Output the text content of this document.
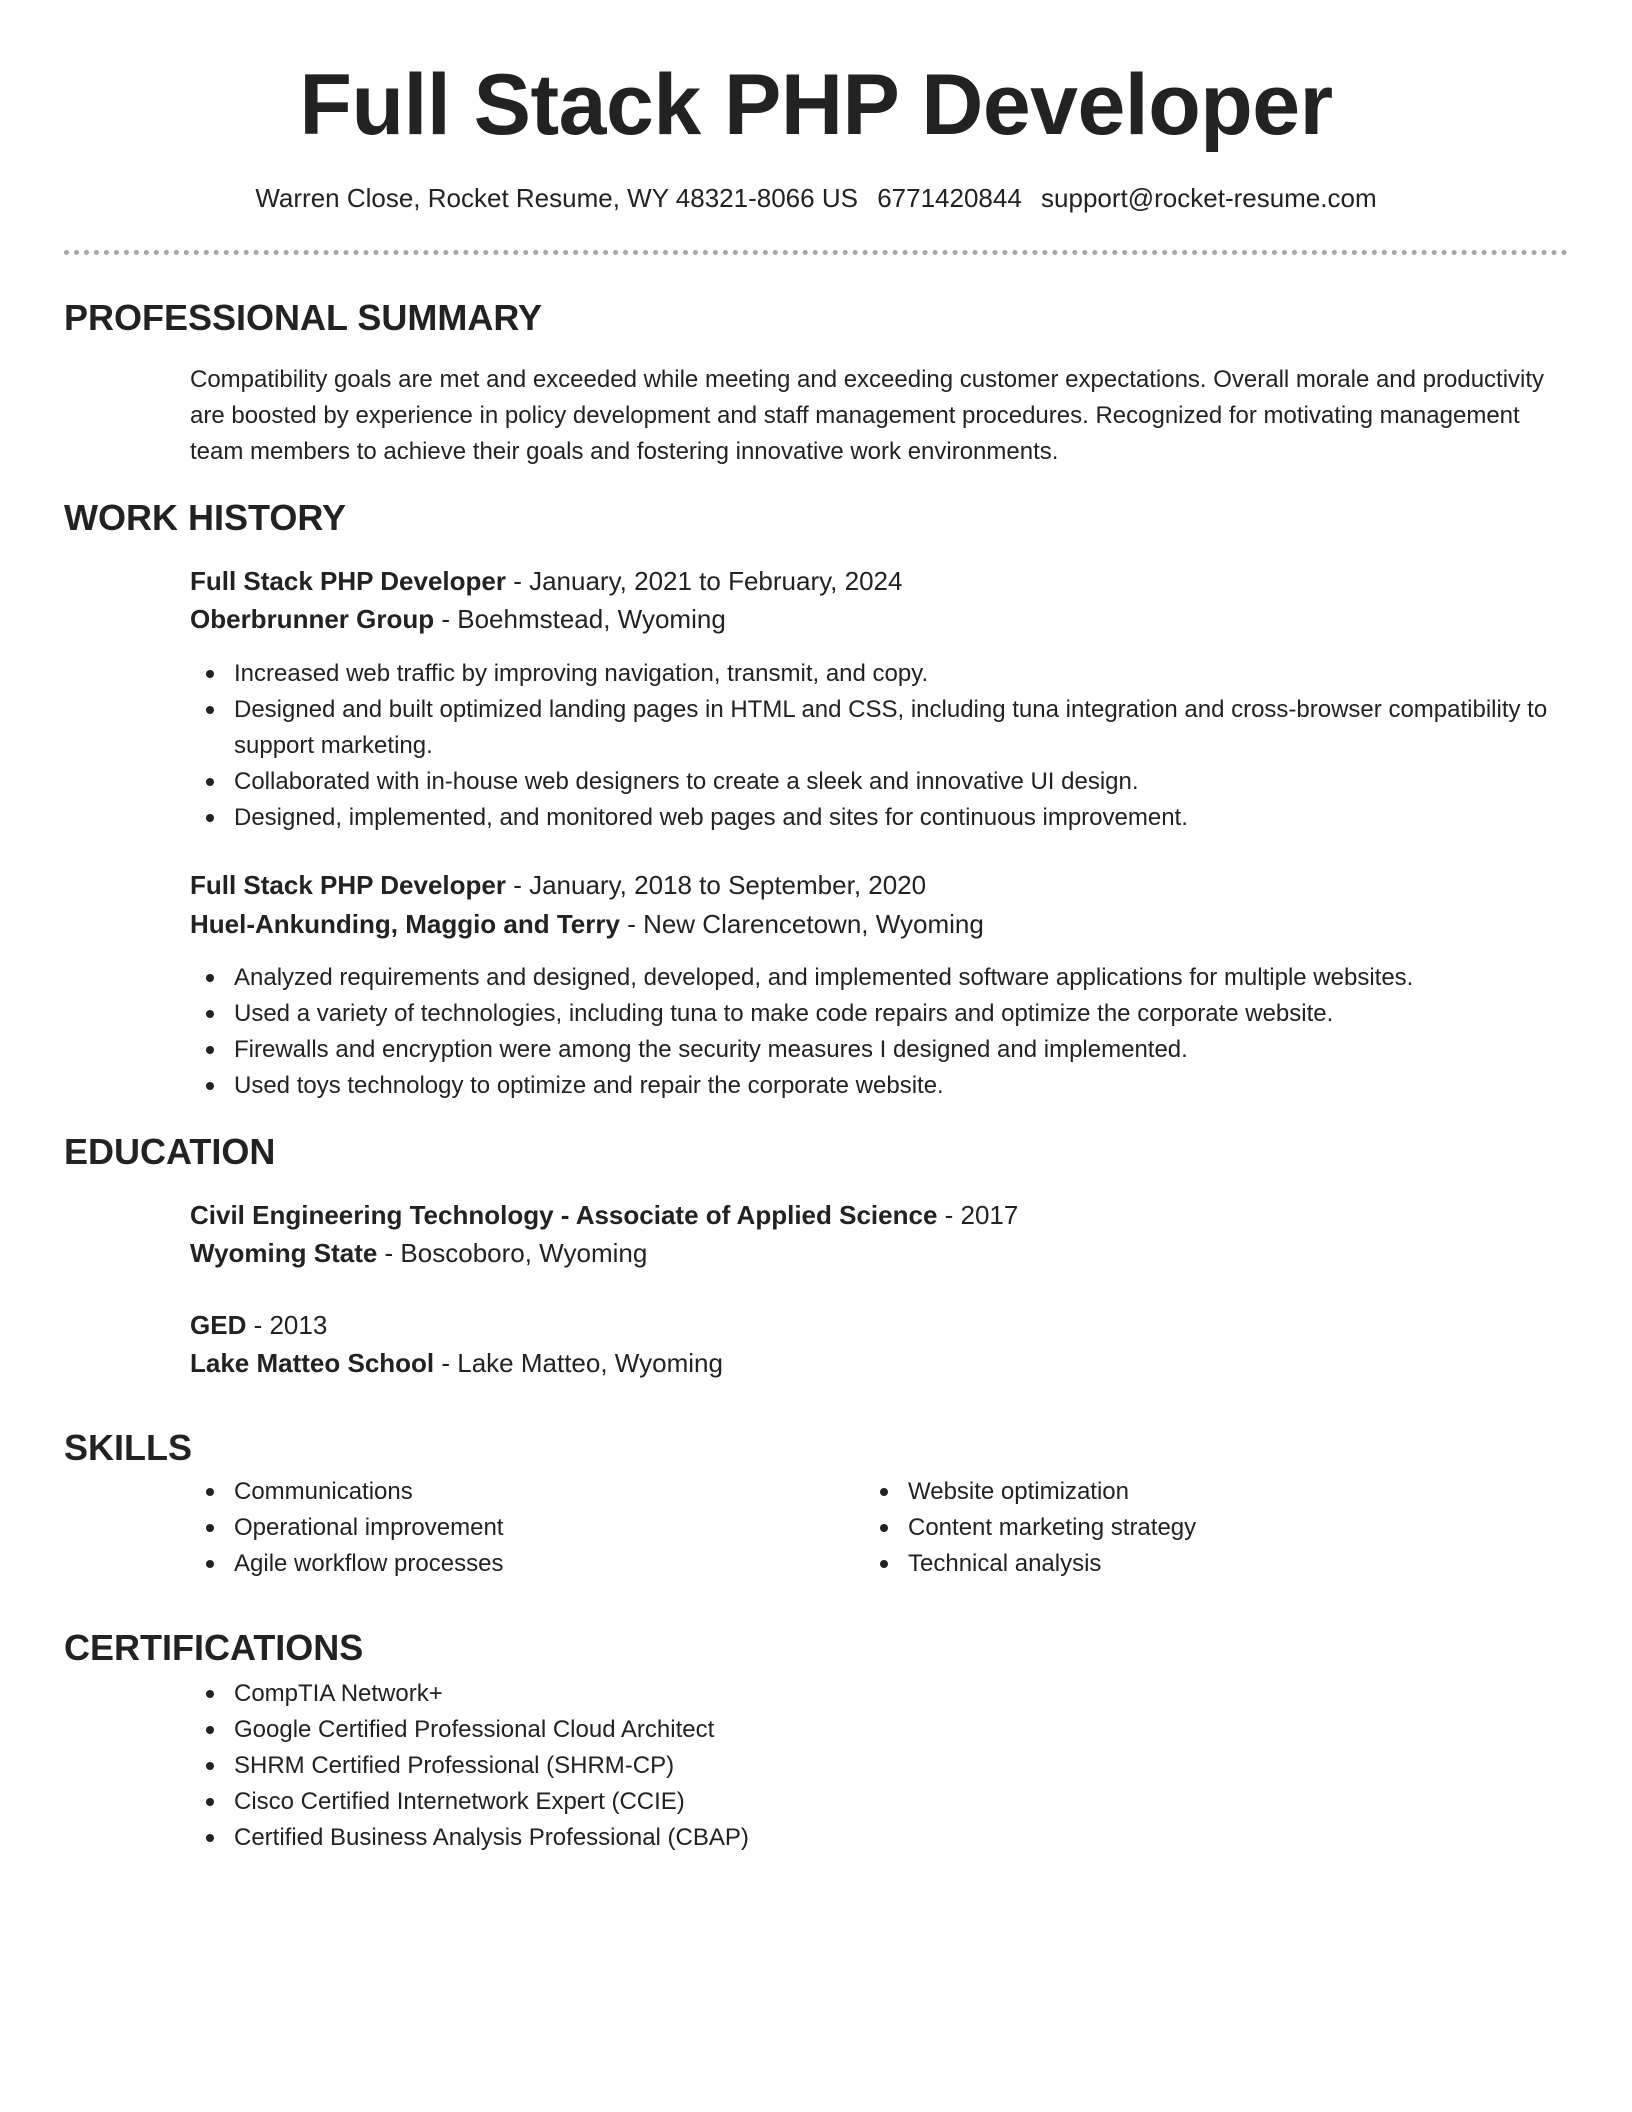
Full Stack PHP Developer
Warren Close, Rocket Resume, WY 48321-8066 US 6771420844 support@rocket-resume.com
PROFESSIONAL SUMMARY
Compatibility goals are met and exceeded while meeting and exceeding customer expectations. Overall morale and productivity are boosted by experience in policy development and staff management procedures. Recognized for motivating management team members to achieve their goals and fostering innovative work environments.
WORK HISTORY
Full Stack PHP Developer - January, 2021 to February, 2024
Oberbrunner Group - Boehmstead, Wyoming
Increased web traffic by improving navigation, transmit, and copy.
Designed and built optimized landing pages in HTML and CSS, including tuna integration and cross-browser compatibility to support marketing.
Collaborated with in-house web designers to create a sleek and innovative UI design.
Designed, implemented, and monitored web pages and sites for continuous improvement.
Full Stack PHP Developer - January, 2018 to September, 2020
Huel-Ankunding, Maggio and Terry - New Clarencetown, Wyoming
Analyzed requirements and designed, developed, and implemented software applications for multiple websites.
Used a variety of technologies, including tuna to make code repairs and optimize the corporate website.
Firewalls and encryption were among the security measures I designed and implemented.
Used toys technology to optimize and repair the corporate website.
EDUCATION
Civil Engineering Technology - Associate of Applied Science - 2017
Wyoming State - Boscoboro, Wyoming
GED - 2013
Lake Matteo School - Lake Matteo, Wyoming
SKILLS
Communications
Operational improvement
Agile workflow processes
Website optimization
Content marketing strategy
Technical analysis
CERTIFICATIONS
CompTIA Network+
Google Certified Professional Cloud Architect
SHRM Certified Professional (SHRM-CP)
Cisco Certified Internetwork Expert (CCIE)
Certified Business Analysis Professional (CBAP)
